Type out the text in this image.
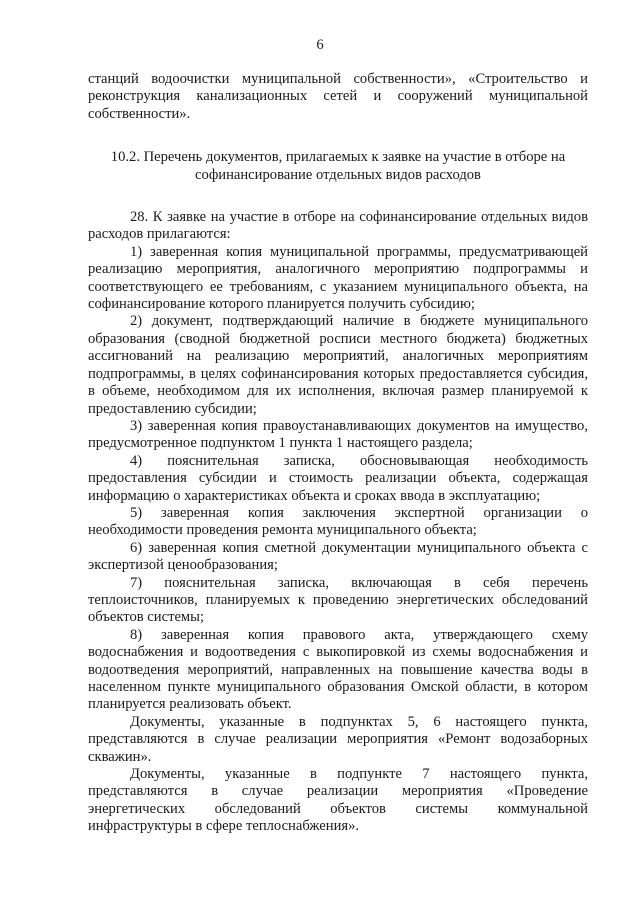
6

станций водоочистки муниципальной собственности», «Строительство и реконструкция канализационных сетей и сооружений муниципальной собственности».

10.2. Перечень документов, прилагаемых к заявке на участие в отборе на софинансирование отдельных видов расходов

28. К заявке на участие в отборе на софинансирование отдельных видов расходов прилагаются:

1) заверенная копия муниципальной программы, предусматривающей реализацию мероприятия, аналогичного мероприятию подпрограммы и соответствующего ее требованиям, с указанием муниципального объекта, на софинансирование которого планируется получить субсидию;

2) документ, подтверждающий наличие в бюджете муниципального образования (сводной бюджетной росписи местного бюджета) бюджетных ассигнований на реализацию мероприятий, аналогичных мероприятиям подпрограммы, в целях софинансирования которых предоставляется субсидия, в объеме, необходимом для их исполнения, включая размер планируемой к предоставлению субсидии;

3) заверенная копия правоустанавливающих документов на имущество, предусмотренное подпунктом 1 пункта 1 настоящего раздела;

4) пояснительная записка, обосновывающая необходимость предоставления субсидии и стоимость реализации объекта, содержащая информацию о характеристиках объекта и сроках ввода в эксплуатацию;

5) заверенная копия заключения экспертной организации о необходимости проведения ремонта муниципального объекта;

6) заверенная копия сметной документации муниципального объекта с экспертизой ценообразования;

7) пояснительная записка, включающая в себя перечень теплоисточников, планируемых к проведению энергетических обследований объектов системы;

8) заверенная копия правового акта, утверждающего схему водоснабжения и водоотведения с выкопировкой из схемы водоснабжения и водоотведения мероприятий, направленных на повышение качества воды в населенном пункте муниципального образования Омской области, в котором планируется реализовать объект.

Документы, указанные в подпунктах 5, 6 настоящего пункта, представляются в случае реализации мероприятия «Ремонт водозаборных скважин».

Документы, указанные в подпункте 7 настоящего пункта, представляются в случае реализации мероприятия «Проведение энергетических обследований объектов системы коммунальной инфраструктуры в сфере теплоснабжения».
